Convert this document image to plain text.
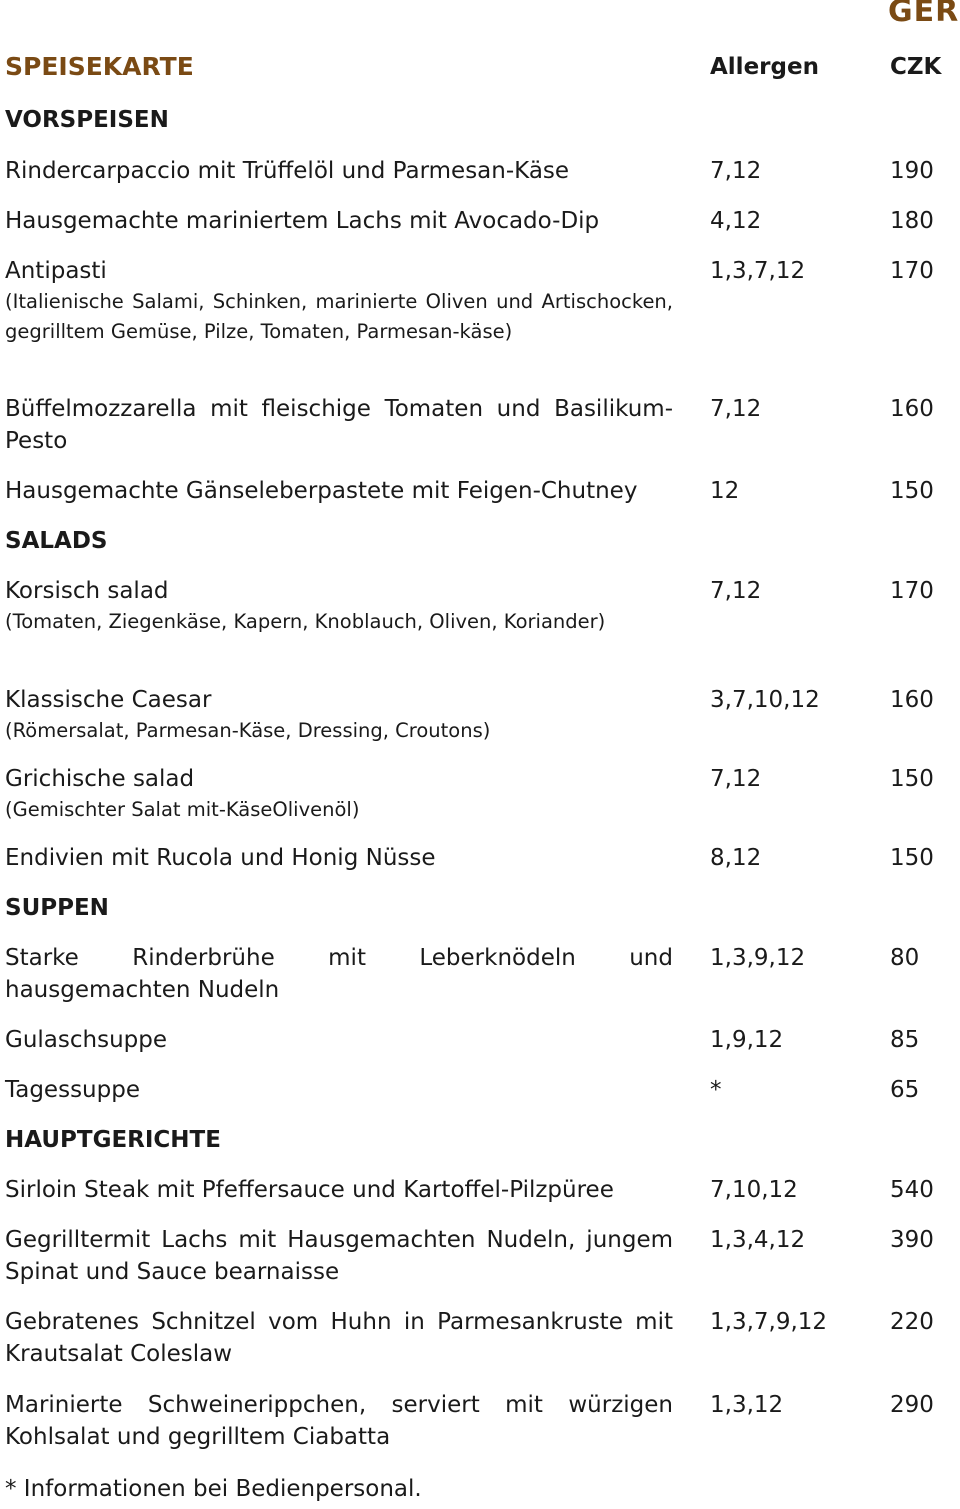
GER
SPEISEKARTE	Allergen	CZK
VORSPEISEN
Rindercarpaccio mit Trüffelöl und Parmesan-Käse	7,12	190
Hausgemachte mariniertem Lachs mit Avocado-Dip	4,12	180
Antipasti
(Italienische Salami, Schinken, marinierte Oliven und Artischocken, gegrilltem Gemüse, Pilze, Tomaten, Parmesan-käse)
1,3,7,12	170
Büffelmozzarella mit fleischige Tomaten und Basilikum-Pesto
7,12	160
Hausgemachte Gänseleberpastete mit Feigen-Chutney	12	150
SALADS
Korsisch salad
(Tomaten, Ziegenkäse, Kapern, Knoblauch, Oliven, Koriander)
7,12	170
Klassische Caesar
(Römersalat, Parmesan-Käse, Dressing, Croutons)
3,7,10,12	160
Grichische salad
(Gemischter Salat mit-KäseOlivenöl)
7,12	150
Endivien mit Rucola und Honig Nüsse	8,12	150
SUPPEN
Starke Rinderbrühe mit Leberknödeln und hausgemachten Nudeln
1,3,9,12	80
Gulaschsuppe	1,9,12	85
Tagessuppe	*	65
HAUPTGERICHTE
Sirloin Steak mit Pfeffersauce und Kartoffel-Pilzpüree	7,10,12	540
Gegrilltermit Lachs mit Hausgemachten Nudeln, jungem Spinat und Sauce bearnaisse
1,3,4,12	390
Gebratenes Schnitzel vom Huhn in Parmesankruste mit Krautsalat Coleslaw
1,3,7,9,12	220
Marinierte Schweinerippchen, serviert mit würzigen Kohlsalat und gegrilltem Ciabatta
1,3,12	290
* Informationen bei Bedienpersonal.
